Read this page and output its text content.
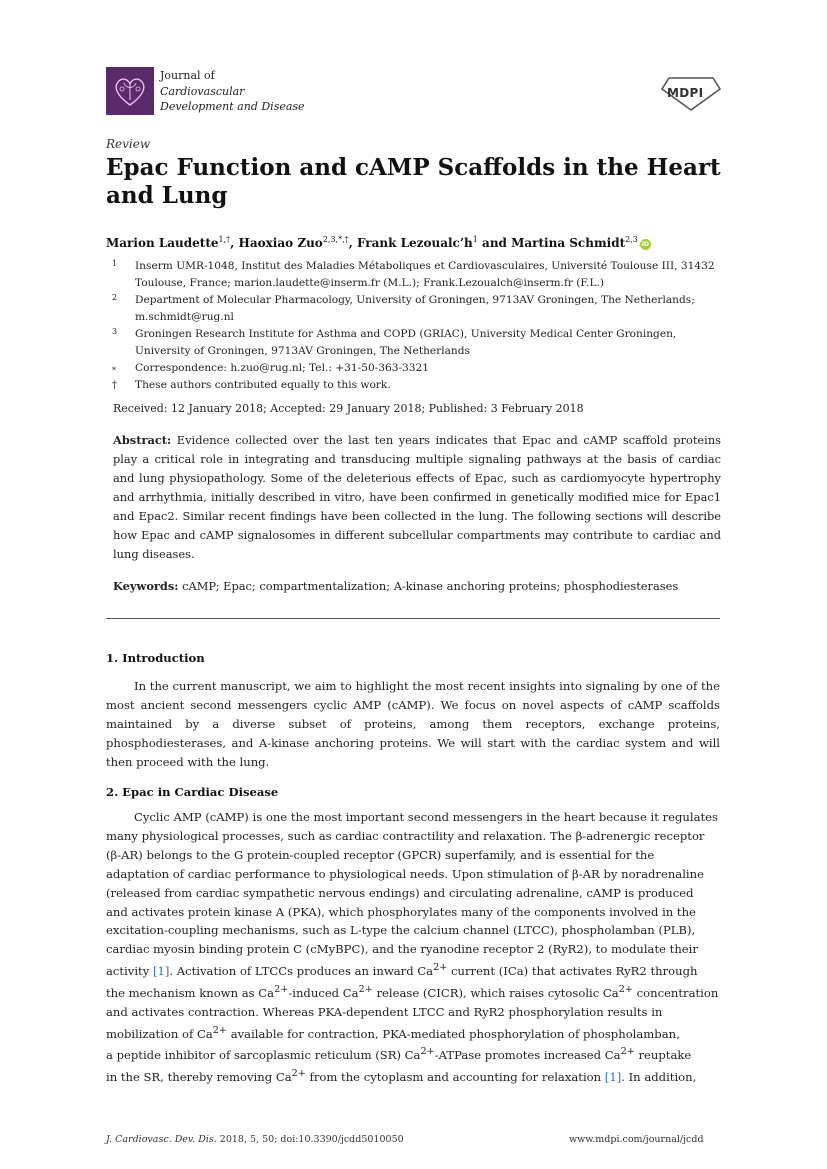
Journal of
Cardiovascular
Development and Disease
MDPI
Review
Epac Function and cAMP Scaffolds in the Heart and Lung
Marion Laudette$^{1,\dagger}$, Haoxiao Zuo$^{2,3,*,\dagger}$, Frank $Lezoualc’h^1$ and Martina Schmidt$^{2,3}$iD
1 Inserm UMR-1048, Institut des Maladies Métaboliques et Cardiovasculaires, Université Toulouse III, 31432 Toulouse, France; marion.laudette@inserm.fr (M.L.); Frank.Lezoualch@inserm.fr (F.L.)
2 Department of Molecular Pharmacology, University of Groningen, 9713AV Groningen, The Netherlands; m.schmidt@rug.nl
3 Groningen Research Institute for Asthma and COPD (GRIAC), University Medical Center Groningen, University of Groningen, 9713AV Groningen, The Netherlands
* Correspondence: h.zuo@rug.nl; Tel.: +31-50-363-3321
† These authors contributed equally to this work.
Received: 12 January 2018; Accepted: 29 January 2018; Published: 3 February 2018
Abstract: Evidence collected over the last ten years indicates that Epac and cAMP scaffold proteins play a critical role in integrating and transducing multiple signaling pathways at the basis of cardiac and lung physiopathology. Some of the deleterious effects of Epac, such as cardiomyocyte hypertrophy and arrhythmia, initially described in vitro, have been confirmed in genetically modified mice for Epac1 and Epac2. Similar recent findings have been collected in the lung. The following sections will describe how Epac and cAMP signalosomes in different subcellular compartments may contribute to cardiac and lung diseases.
Keywords: cAMP; Epac; compartmentalization; A-kinase anchoring proteins; phosphodiesterases
1. Introduction
In the current manuscript, we aim to highlight the most recent insights into signaling by one of the most ancient second messengers cyclic AMP (cAMP). We focus on novel aspects of cAMP scaffolds maintained by a diverse subset of proteins, among them receptors, exchange proteins, phosphodiesterases, and A-kinase anchoring proteins. We will start with the cardiac system and will then proceed with the lung.
2. Epac in Cardiac Disease
Cyclic AMP (cAMP) is one the most important second messengers in the heart because it regulates
many physiological processes, such as cardiac contractility and relaxation. The β-adrenergic receptor
(β-AR) belongs to the G protein-coupled receptor (GPCR) superfamily, and is essential for the
adaptation of cardiac performance to physiological needs. Upon stimulation of β-AR by noradrenaline
(released from cardiac sympathetic nervous endings) and circulating adrenaline, cAMP is produced
and activates protein kinase A (PKA), which phosphorylates many of the components involved in the
excitation-coupling mechanisms, such as L-type the calcium channel (LTCC), phospholamban (PLB),
cardiac myosin binding protein C (cMyBPC), and the ryanodine receptor 2 (RyR2), to modulate their
activity [1]. Activation of LTCCs produces an inward $Ca^{2+}$ current (ICa) that activates RyR2 through
the mechanism known as $Ca^{2+}$-induced $Ca^{2+}$ release (CICR), which raises cytosolic $Ca^{2+}$ concentration
and activates contraction. Whereas PKA-dependent LTCC and RyR2 phosphorylation results in
mobilization of $Ca^{2+}$ available for contraction, PKA-mediated phosphorylation of phospholamban,
a peptide inhibitor of sarcoplasmic reticulum (SR) $Ca^{2+}$-ATPase promotes increased $Ca^{2+}$ reuptake
in the SR, thereby removing $Ca^{2+}$ from the cytoplasm and accounting for relaxation [1]. In addition,
J. Cardiovasc. Dev. Dis. 2018, 5, 50; doi:10.3390/jcdd5010050	www.mdpi.com/journal/jcdd
